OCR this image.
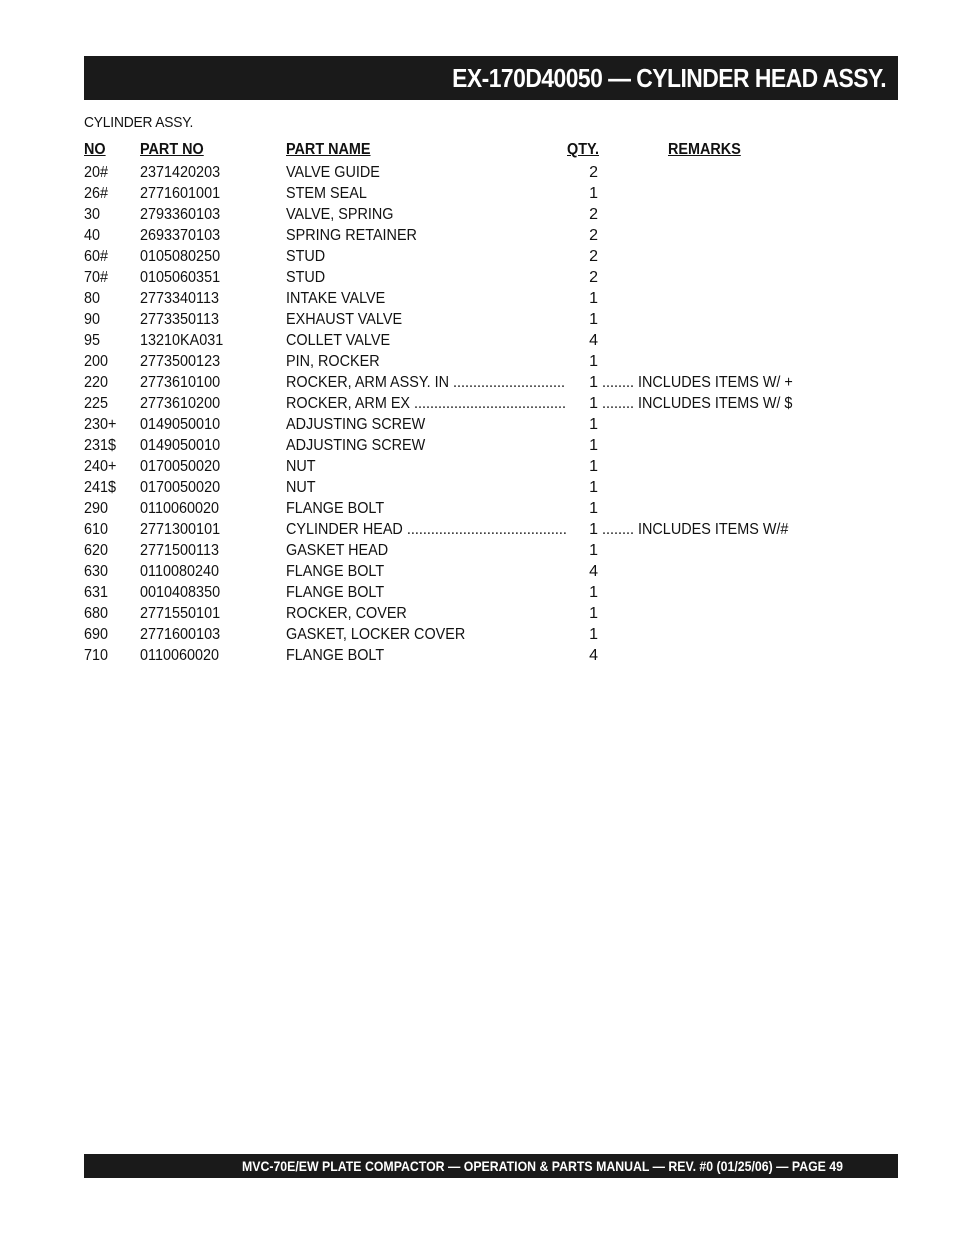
EX-170D40050 — CYLINDER HEAD ASSY.
CYLINDER ASSY.
NO PART NO	PART NAME	QTY.	REMARKS
20# 2371420203	VALVE GUIDE	2
26# 2771601001	STEM SEAL	1
30 2793360103	VALVE, SPRING	2
40 2693370103	SPRING RETAINER	2
60# 0105080250	STUD	2
70# 0105060351	STUD	2
80 2773340113	INTAKE VALVE	1
90 2773350113	EXHAUST VALVE	1
95 13210KA031	COLLET VALVE	4
200 2773500123	PIN, ROCKER	1
220 2773610100	ROCKER, ARM ASSY. IN ............................	1 ........ INCLUDES ITEMS W/ +
225 2773610200	ROCKER, ARM EX ......................................	1 ........ INCLUDES ITEMS W/ $
230+ 0149050010	ADJUSTING SCREW	1
231$ 0149050010	ADJUSTING SCREW	1
240+ 0170050020	NUT	1
241$ 0170050020	NUT	1
290 0110060020	FLANGE BOLT	1
610 2771300101	CYLINDER HEAD ........................................	1 ........ INCLUDES ITEMS W/#
620 2771500113	GASKET HEAD	1
630 0110080240	FLANGE BOLT	4
631 0010408350	FLANGE BOLT	1
680 2771550101	ROCKER, COVER	1
690 2771600103	GASKET, LOCKER COVER	1
710 0110060020	FLANGE BOLT	4
MVC-70E/EW PLATE COMPACTOR — OPERATION & PARTS MANUAL — REV. #0 (01/25/06) — PAGE 49
